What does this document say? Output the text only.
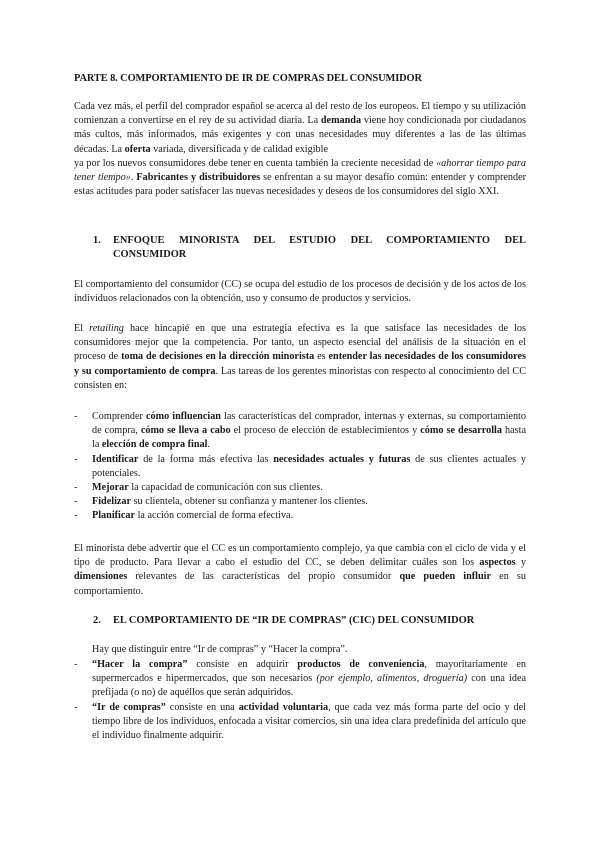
PARTE 8. COMPORTAMIENTO DE IR DE COMPRAS DEL CONSUMIDOR
Cada vez más, el perfil del comprador español se acerca al del resto de los europeos. El tiempo y su utilización comienzan a convertirse en el rey de su actividad diaria. La demanda viene hoy condicionada por ciudadanos más cultos, más informados, más exigentes y con unas necesidades muy diferentes a las de las últimas décadas. La oferta variada, diversificada y de calidad exigible
ya por los nuevos consumidores debe tener en cuenta también la creciente necesidad de «ahorrar tiempo para tener tiempo». Fabricantes y distribuidores se enfrentan a su mayor desafío común: entender y comprender estas actitudes para poder satisfacer las nuevas necesidades y deseos de los consumidores del siglo XXI.
1. ENFOQUE MINORISTA DEL ESTUDIO DEL COMPORTAMIENTO DEL CONSUMIDOR
El comportamiento del consumidor (CC) se ocupa del estudio de los procesos de decisión y de los actos de los individuos relacionados con la obtención, uso y consumo de productos y servicios.
El retailing hace hincapié en que una estrategia efectiva es la que satisface las necesidades de los consumidores mejor que la competencia. Por tanto, un aspecto esencial del análisis de la situación en el proceso de toma de decisiones en la dirección minorista es entender las necesidades de los consumidores y su comportamiento de compra. Las tareas de los gerentes minoristas con respecto al conocimiento del CC consisten en:
- Comprender cómo influencian las características del comprador, internas y externas, su comportamiento de compra, cómo se lleva a cabo el proceso de elección de establecimientos y cómo se desarrolla hasta la elección de compra final.
- Identificar de la forma más efectiva las necesidades actuales y futuras de sus clientes actuales y potenciales.
- Mejorar la capacidad de comunicación con sus clientes.
- Fidelizar su clientela, obtener su confianza y mantener los clientes.
- Planificar la acción comercial de forma efectiva.
El minorista debe advertir que el CC es un comportamiento complejo, ya que cambia con el ciclo de vida y el tipo de producto. Para llevar a cabo el estudio del CC, se deben delimitar cuáles son los aspectos y dimensiones relevantes de las características del propio consumidor que pueden influir en su comportamiento.
2. EL COMPORTAMIENTO DE “IR DE COMPRAS” (CIC) DEL CONSUMIDOR
Hay que distinguir entre “Ir de compras” y “Hacer la compra”.
- “Hacer la compra” consiste en adquirir productos de conveniencia, mayoritariamente en supermercados e hipermercados, que son necesarios (por ejemplo, alimentos, droguería) con una idea prefijada (o no) de aquéllos que serán adquiridos.
- “Ir de compras” consiste en una actividad voluntaria, que cada vez más forma parte del ocio y del tiempo libre de los individuos, enfocada a visitar comercios, sin una idea clara predefinida del artículo que el individuo finalmente adquirir.
